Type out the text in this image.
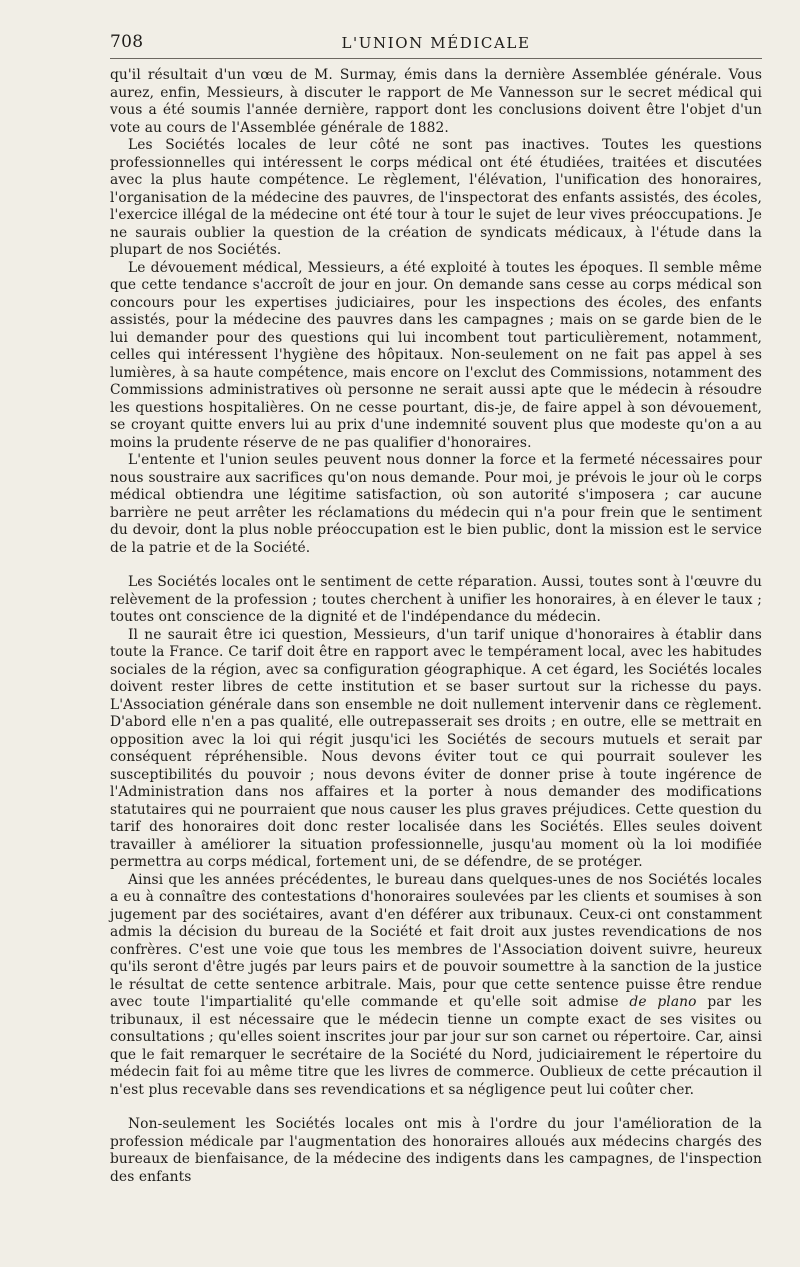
708	L'UNION MÉDICALE

qu'il résultait d'un vœu de M. Surmay, émis dans la dernière Assemblée générale. Vous aurez, enfin, Messieurs, à discuter le rapport de Me Vannesson sur le secret médical qui vous a été soumis l'année dernière, rapport dont les conclusions doivent être l'objet d'un vote au cours de l'Assemblée générale de 1882.

Les Sociétés locales de leur côté ne sont pas inactives. Toutes les questions professionnelles qui intéressent le corps médical ont été étudiées, traitées et discutées avec la plus haute compétence. Le règlement, l'élévation, l'unification des honoraires, l'organisation de la médecine des pauvres, de l'inspectorat des enfants assistés, des écoles, l'exercice illégal de la médecine ont été tour à tour le sujet de leur vives préoccupations. Je ne saurais oublier la question de la création de syndicats médicaux, à l'étude dans la plupart de nos Sociétés.

Le dévouement médical, Messieurs, a été exploité à toutes les époques. Il semble même que cette tendance s'accroît de jour en jour. On demande sans cesse au corps médical son concours pour les expertises judiciaires, pour les inspections des écoles, des enfants assistés, pour la médecine des pauvres dans les campagnes ; mais on se garde bien de le lui demander pour des questions qui lui incombent tout particulièrement, notamment, celles qui intéressent l'hygiène des hôpitaux. Non-seulement on ne fait pas appel à ses lumières, à sa haute compétence, mais encore on l'exclut des Commissions, notamment des Commissions administratives où personne ne serait aussi apte que le médecin à résoudre les questions hospitalières. On ne cesse pourtant, dis-je, de faire appel à son dévouement, se croyant quitte envers lui au prix d'une indemnité souvent plus que modeste qu'on a au moins la prudente réserve de ne pas qualifier d'honoraires.

L'entente et l'union seules peuvent nous donner la force et la fermeté nécessaires pour nous soustraire aux sacrifices qu'on nous demande. Pour moi, je prévois le jour où le corps médical obtiendra une légitime satisfaction, où son autorité s'imposera ; car aucune barrière ne peut arrêter les réclamations du médecin qui n'a pour frein que le sentiment du devoir, dont la plus noble préoccupation est le bien public, dont la mission est le service de la patrie et de la Société.

Les Sociétés locales ont le sentiment de cette réparation. Aussi, toutes sont à l'œuvre du relèvement de la profession ; toutes cherchent à unifier les honoraires, à en élever le taux ; toutes ont conscience de la dignité et de l'indépendance du médecin.

Il ne saurait être ici question, Messieurs, d'un tarif unique d'honoraires à établir dans toute la France. Ce tarif doit être en rapport avec le tempérament local, avec les habitudes sociales de la région, avec sa configuration géographique. A cet égard, les Sociétés locales doivent rester libres de cette institution et se baser surtout sur la richesse du pays. L'Association générale dans son ensemble ne doit nullement intervenir dans ce règlement. D'abord elle n'en a pas qualité, elle outrepasserait ses droits ; en outre, elle se mettrait en opposition avec la loi qui régit jusqu'ici les Sociétés de secours mutuels et serait par conséquent répréhensible. Nous devons éviter tout ce qui pourrait soulever les susceptibilités du pouvoir ; nous devons éviter de donner prise à toute ingérence de l'Administration dans nos affaires et la porter à nous demander des modifications statutaires qui ne pourraient que nous causer les plus graves préjudices. Cette question du tarif des honoraires doit donc rester localisée dans les Sociétés. Elles seules doivent travailler à améliorer la situation professionnelle, jusqu'au moment où la loi modifiée permettra au corps médical, fortement uni, de se défendre, de se protéger.

Ainsi que les années précédentes, le bureau dans quelques-unes de nos Sociétés locales a eu à connaître des contestations d'honoraires soulevées par les clients et soumises à son jugement par des sociétaires, avant d'en déférer aux tribunaux. Ceux-ci ont constamment admis la décision du bureau de la Société et fait droit aux justes revendications de nos confrères. C'est une voie que tous les membres de l'Association doivent suivre, heureux qu'ils seront d'être jugés par leurs pairs et de pouvoir soumettre à la sanction de la justice le résultat de cette sentence arbitrale. Mais, pour que cette sentence puisse être rendue avec toute l'impartialité qu'elle commande et qu'elle soit admise de plano par les tribunaux, il est nécessaire que le médecin tienne un compte exact de ses visites ou consultations ; qu'elles soient inscrites jour par jour sur son carnet ou répertoire. Car, ainsi que le fait remarquer le secrétaire de la Société du Nord, judiciairement le répertoire du médecin fait foi au même titre que les livres de commerce. Oublieux de cette précaution il n'est plus recevable dans ses revendications et sa négligence peut lui coûter cher.

Non-seulement les Sociétés locales ont mis à l'ordre du jour l'amélioration de la profession médicale par l'augmentation des honoraires alloués aux médecins chargés des bureaux de bienfaisance, de la médecine des indigents dans les campagnes, de l'inspection des enfants
